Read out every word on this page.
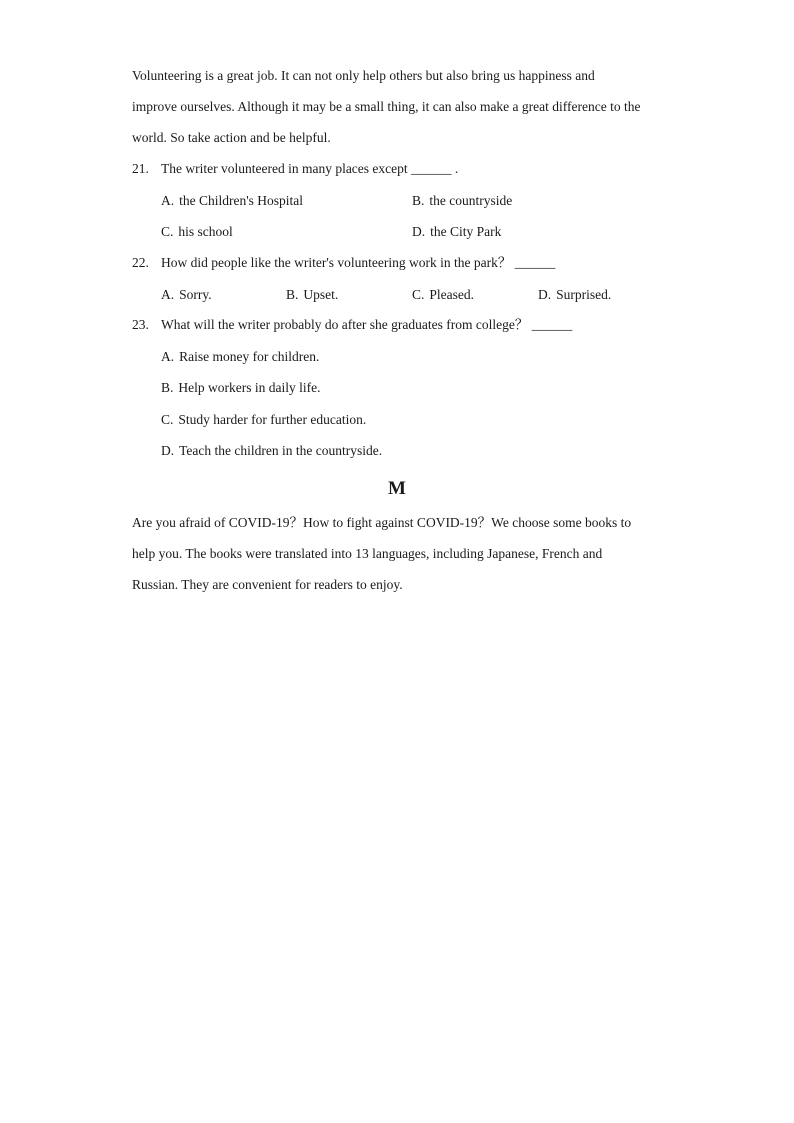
Volunteering is a great job. It can not only help others but also bring us happiness and
improve ourselves. Although it may be a small thing, it can also make a great difference to the
world. So take action and be helpful.
21. The writer volunteered in many places except ______ .
A. the Children's Hospital	B. the countryside
C. his school	D. the City Park
22. How did people like the writer's volunteering work in the park？ ______
A. Sorry.	B. Upset.	C. Pleased.	D. Surprised.
23. What will the writer probably do after she graduates from college？ ______
A. Raise money for children.
B. Help workers in daily life.
C. Study harder for further education.
D. Teach the children in the countryside.
M
Are you afraid of COVID-19？How to fight against COVID-19？We choose some books to
help you. The books were translated into 13 languages, including Japanese, French and
Russian. They are convenient for readers to enjoy.
